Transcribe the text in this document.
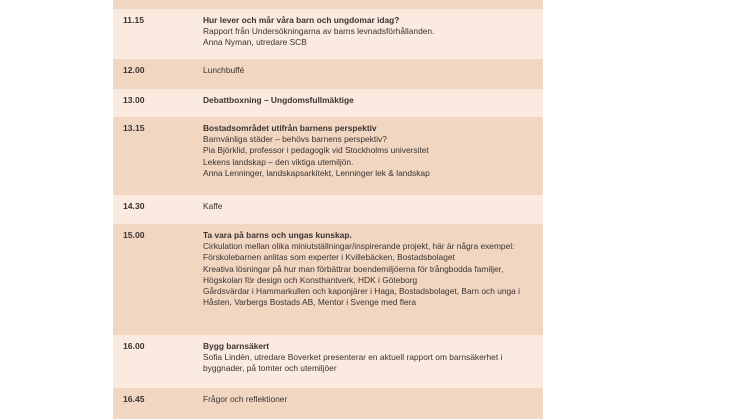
11.15	Hur lever och mår våra barn och ungdomar idag?
Rapport från Undersökningarna av barns levnadsförhållanden.
Anna Nyman, utredare SCB
12.00	Lunchbuffé
13.00	Debattboxning – Ungdomsfullmäktige
13.15	Bostadsområdet utifrån barnens perspektiv
Barnvänliga städer – behövs barnens perspektiv?
Pia Björklid, professor i pedagogik vid Stockholms universitet
Lekens landskap – den viktiga utemiljön.
Anna Lenninger, landskapsarkitekt, Lenninger lek & landskap
14.30	Kaffe
15.00	Ta vara på barns och ungas kunskap.
Cirkulation mellan olika miniutställningar/inspirerande projekt, här är några exempel:
Förskolebarnen anlitas som experter i Kvillebäcken, Bostadsbolaget
Kreativa lösningar på hur man förbättrar boendemiljöerna för trångbodda familjer,
Högskolan för design och Konsthantverk, HDK i Göteborg
Gårdsvärdar i Hammarkullen och kaponjärer i Haga, Bostadsbolaget, Barn och unga i Håsten, Varbergs Bostads AB, Mentor i Svenge med flera
16.00	Bygg barnsäkert
Sofia Lindén, utredare Boverket presenterar en aktuell rapport om barnsäkerhet i byggnader, på tomter och utemiljöer
16.45	Frågor och reflektioner
